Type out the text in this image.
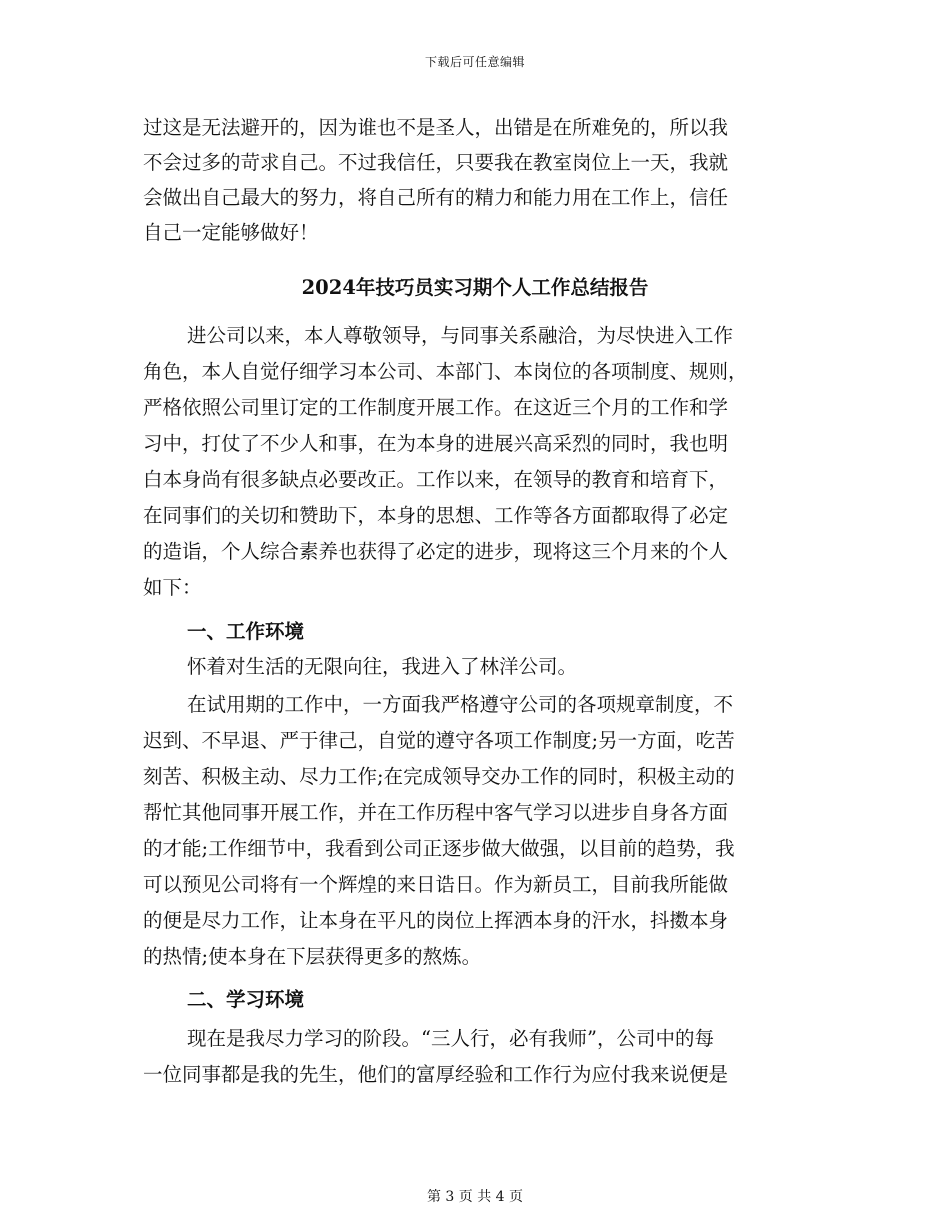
下载后可任意编辑
过这是无法避开的，因为谁也不是圣人，出错是在所难免的，所以我
不会过多的苛求自己。不过我信任，只要我在教室岗位上一天，我就
会做出自己最大的努力，将自己所有的精力和能力用在工作上，信任
自己一定能够做好！
2024年技巧员实习期个人工作总结报告
进公司以来，本人尊敬领导，与同事关系融洽，为尽快进入工作
角色，本人自觉仔细学习本公司、本部门、本岗位的各项制度、规则，
严格依照公司里订定的工作制度开展工作。在这近三个月的工作和学
习中，打仗了不少人和事，在为本身的进展兴高采烈的同时，我也明
白本身尚有很多缺点必要改正。工作以来，在领导的教育和培育下，
在同事们的关切和赞助下，本身的思想、工作等各方面都取得了必定
的造诣，个人综合素养也获得了必定的进步，现将这三个月来的个人
如下：
一、工作环境
怀着对生活的无限向往，我进入了林洋公司。
在试用期的工作中，一方面我严格遵守公司的各项规章制度，不
迟到、不早退、严于律己，自觉的遵守各项工作制度;另一方面，吃苦
刻苦、积极主动、尽力工作;在完成领导交办工作的同时，积极主动的
帮忙其他同事开展工作，并在工作历程中客气学习以进步自身各方面
的才能;工作细节中，我看到公司正逐步做大做强，以目前的趋势，我
可以预见公司将有一个辉煌的来日诰日。作为新员工，目前我所能做
的便是尽力工作，让本身在平凡的岗位上挥洒本身的汗水，抖擞本身
的热情;使本身在下层获得更多的熬炼。
二、学习环境
现在是我尽力学习的阶段。“三人行，必有我师”，公司中的每
一位同事都是我的先生，他们的富厚经验和工作行为应付我来说便是
第 3 页 共 4 页
